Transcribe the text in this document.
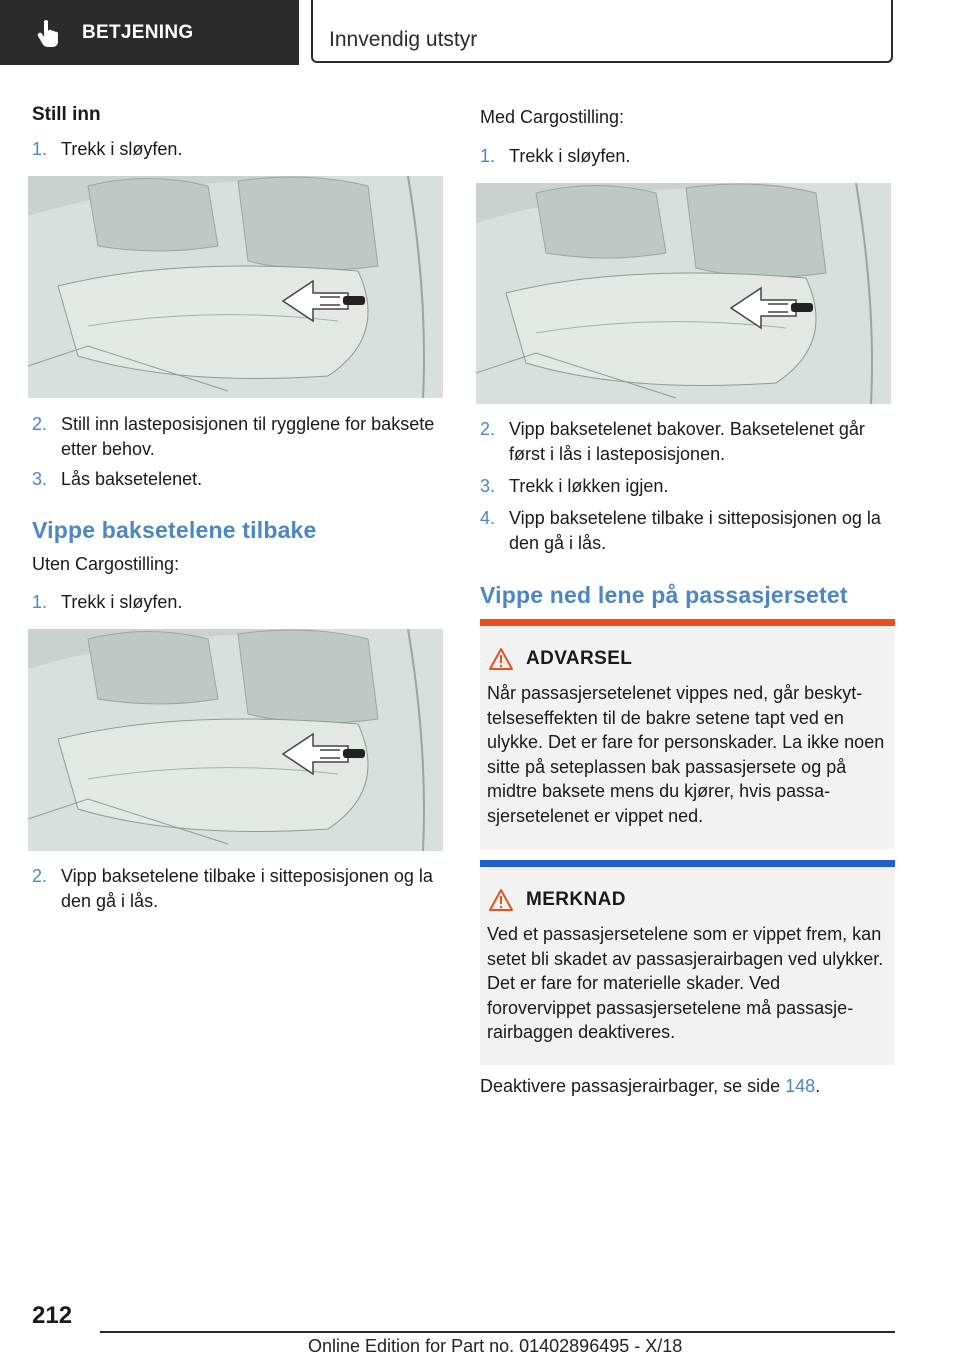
BETJENING	Innvendig utstyr
Still inn
1. Trekk i sløyfen.
2. Still inn lasteposisjonen til rygglene for baksete etter behov.
3. Lås baksetelenet.
Vippe baksetelene tilbake
Uten Cargostilling:
1. Trekk i sløyfen.
2. Vipp baksetelene tilbake i sitteposisjonen og la den gå i lås.
Med Cargostilling:
1. Trekk i sløyfen.
2. Vipp baksetelenet bakover. Baksetelenet går først i lås i lasteposisjonen.
3. Trekk i løkken igjen.
4. Vipp baksetelene tilbake i sitteposisjonen og la den gå i lås.
Vippe ned lene på passasjersetet
ADVARSEL
Når passasjersetelenet vippes ned, går beskyttelseseffekten til de bakre setene tapt ved en ulykke. Det er fare for personskader. La ikke noen sitte på seteplassen bak passasjersete og på midtre baksete mens du kjører, hvis passasjersetelenet er vippet ned.
MERKNAD
Ved et passasjersetelene som er vippet frem, kan setet bli skadet av passasjerairbagen ved ulykker. Det er fare for materielle skader. Ved forovervippet passasjersetelene må passasjerairbaggen deaktiveres.
Deaktivere passasjerairbager, se side 148.
212
Online Edition for Part no. 01402896495 - X/18
